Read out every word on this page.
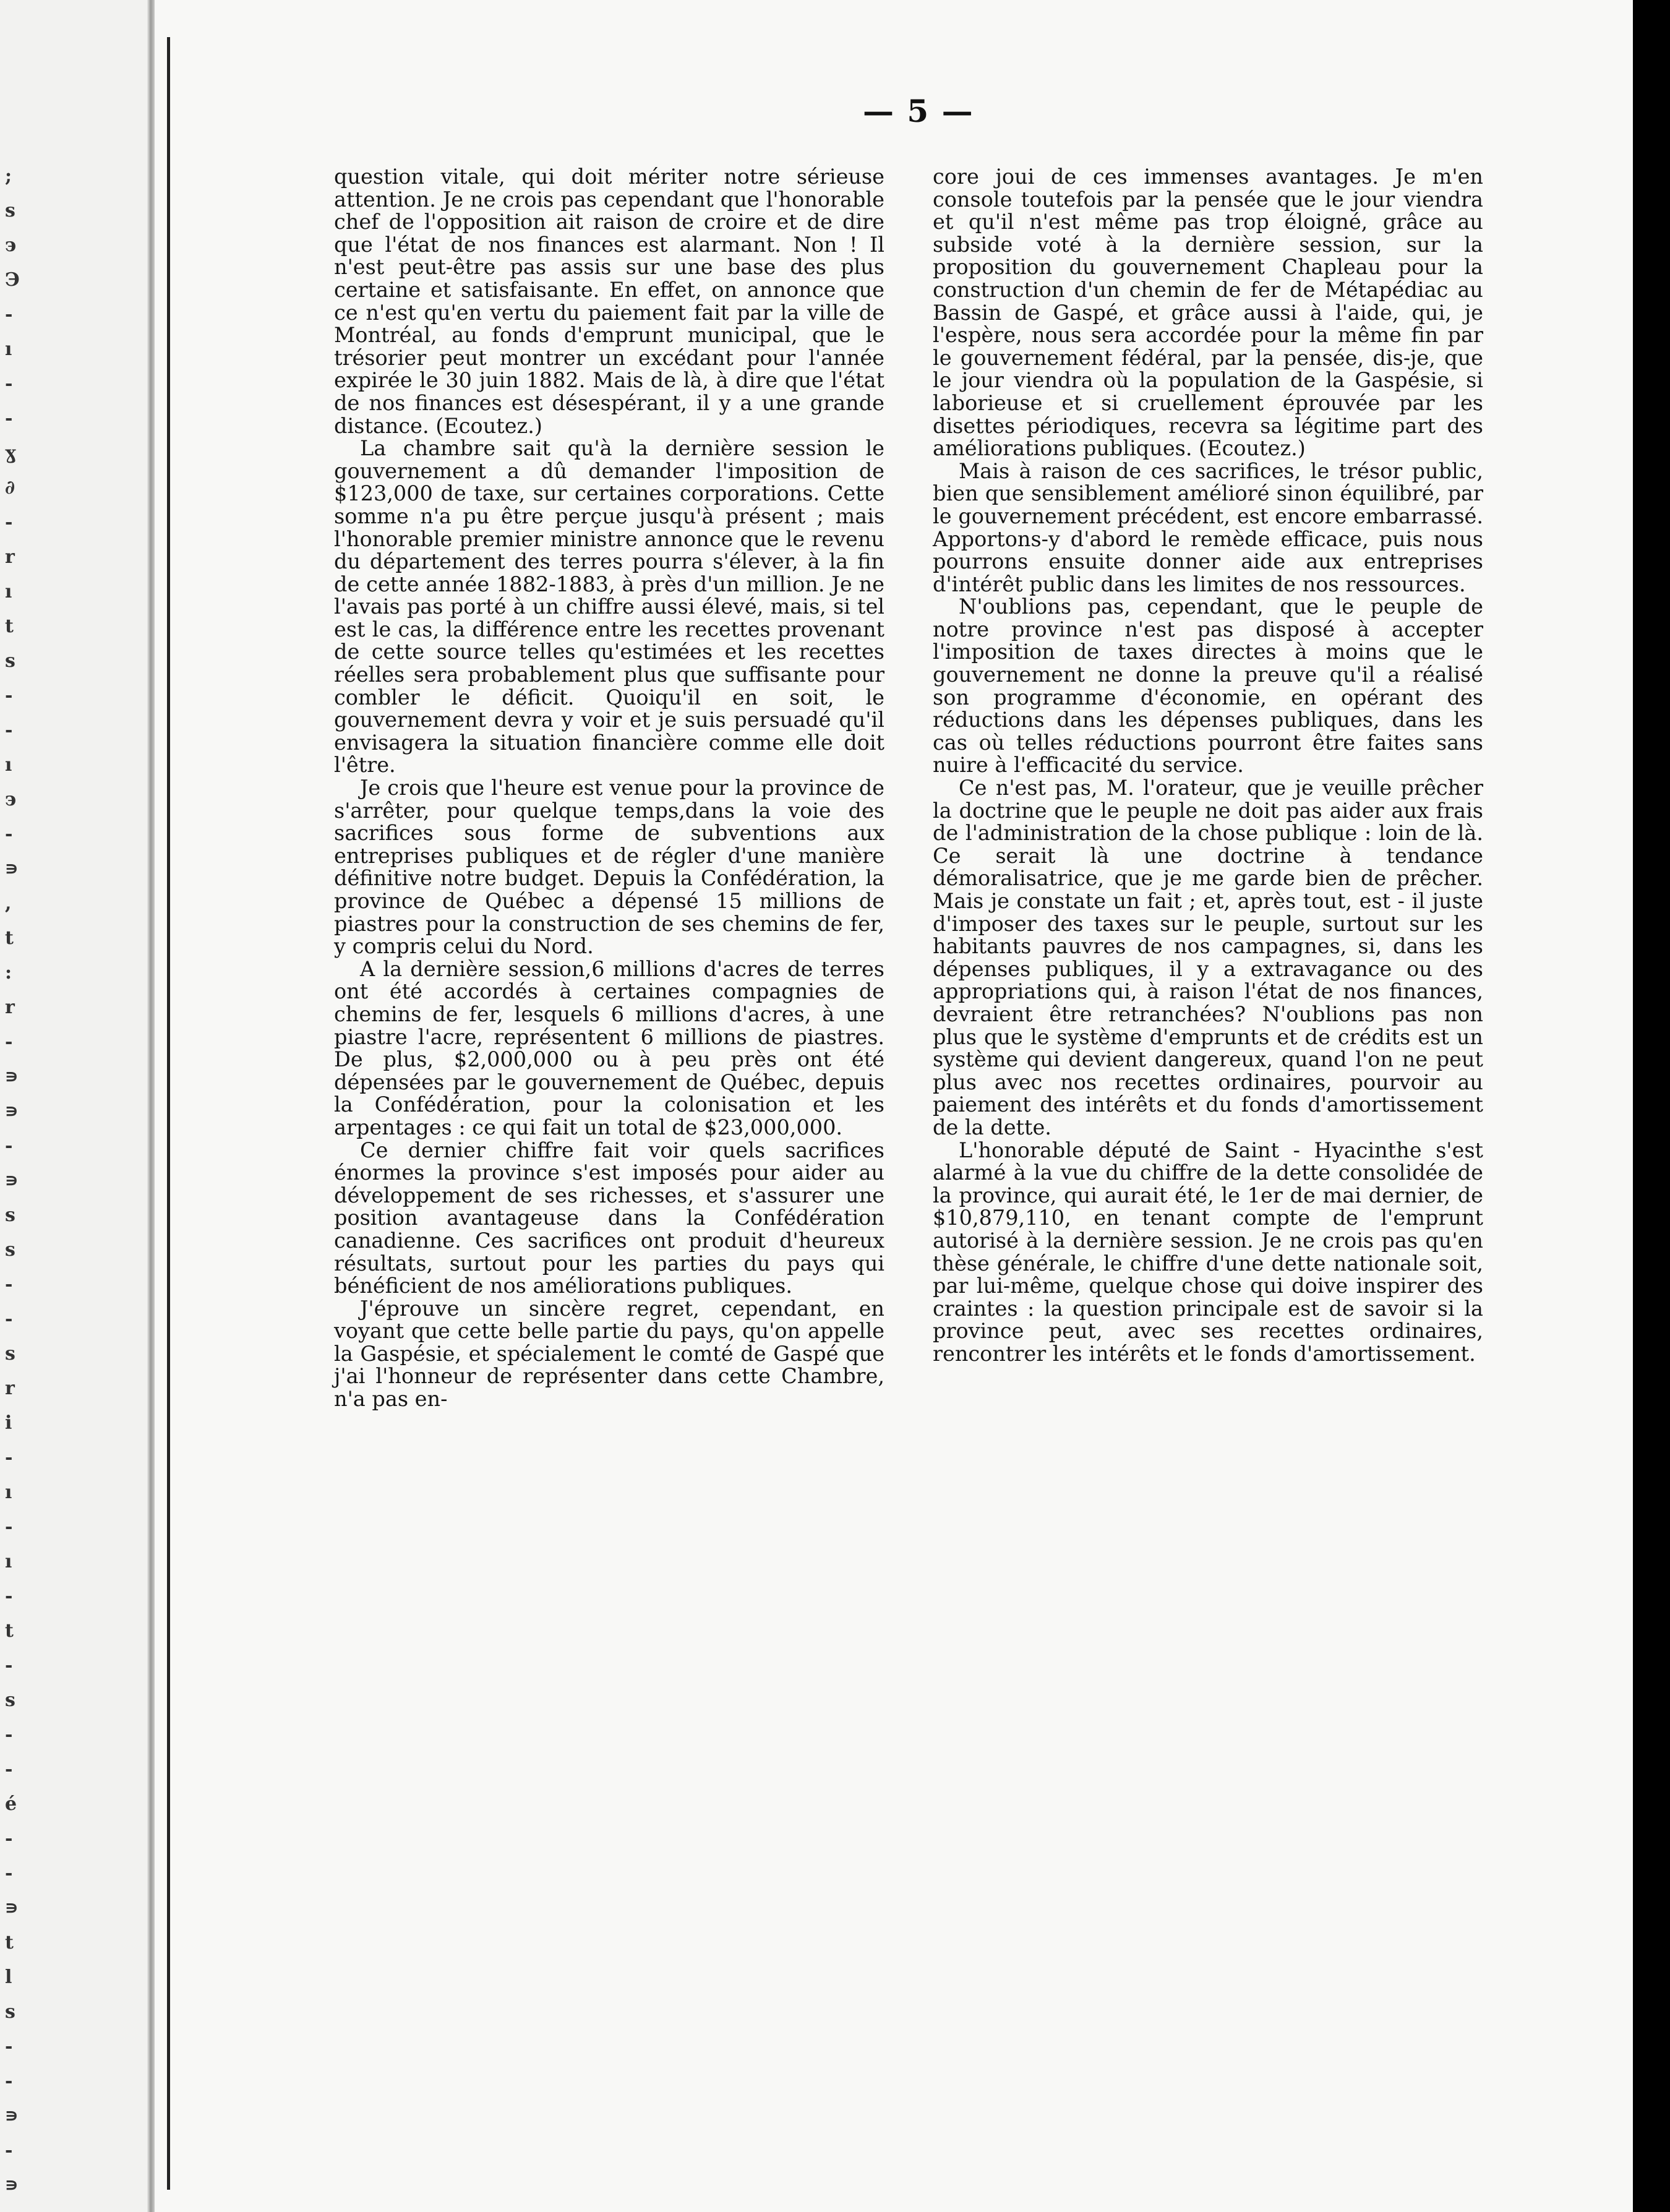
;
s
э
Э
-
ı
-
-
ɣ
∂
-
r
ı
t
s
-
-
ı
э
-
∍
,
t
:
r
-
∍
∍
-
∍
s
s
-
-
s
r
i
-
ı
-
ı
-
t
-
s
-
-
é
-
-
∍
t
l
s
-
-
∍
-
∍
— 5 —

question vitale, qui doit mériter notre sérieuse attention. Je ne crois pas cependant que l'honorable chef de l'opposition ait raison de croire et de dire que l'état de nos finances est alarmant. Non ! Il n'est peut-être pas assis sur une base des plus certaine et satisfaisante. En effet, on annonce que ce n'est qu'en vertu du paiement fait par la ville de Montréal, au fonds d'emprunt municipal, que le trésorier peut montrer un excédant pour l'année expirée le 30 juin 1882. Mais de là, à dire que l'état de nos finances est désespérant, il y a une grande distance. (Ecoutez.)

La chambre sait qu'à la dernière session le gouvernement a dû demander l'imposition de $123,000 de taxe, sur certaines corporations. Cette somme n'a pu être perçue jusqu'à présent ; mais l'honorable premier ministre annonce que le revenu du département des terres pourra s'élever, à la fin de cette année 1882-1883, à près d'un million. Je ne l'avais pas porté à un chiffre aussi élevé, mais, si tel est le cas, la différence entre les recettes provenant de cette source telles qu'estimées et les recettes réelles sera probablement plus que suffisante pour combler le déficit. Quoiqu'il en soit, le gouvernement devra y voir et je suis persuadé qu'il envisagera la situation financière comme elle doit l'être.

Je crois que l'heure est venue pour la province de s'arrêter, pour quelque temps,dans la voie des sacrifices sous forme de subventions aux entreprises publiques et de régler d'une manière définitive notre budget. Depuis la Confédération, la province de Québec a dépensé 15 millions de piastres pour la construction de ses chemins de fer, y compris celui du Nord.

A la dernière session,6 millions d'acres de terres ont été accordés à certaines compagnies de chemins de fer, lesquels 6 millions d'acres, à une piastre l'acre, représentent 6 millions de piastres. De plus, $2,000,000 ou à peu près ont été dépensées par le gouvernement de Québec, depuis la Confédération, pour la colonisation et les arpentages : ce qui fait un total de $23,000,000.

Ce dernier chiffre fait voir quels sacrifices énormes la province s'est imposés pour aider au développement de ses richesses, et s'assurer une position avantageuse dans la Confédération canadienne. Ces sacrifices ont produit d'heureux résultats, surtout pour les parties du pays qui bénéficient de nos améliorations publiques.

J'éprouve un sincère regret, cependant, en voyant que cette belle partie du pays, qu'on appelle la Gaspésie, et spécialement le comté de Gaspé que j'ai l'honneur de représenter dans cette Chambre, n'a pas en-

core joui de ces immenses avantages. Je m'en console toutefois par la pensée que le jour viendra et qu'il n'est même pas trop éloigné, grâce au subside voté à la dernière session, sur la proposition du gouvernement Chapleau pour la construction d'un chemin de fer de Métapédiac au Bassin de Gaspé, et grâce aussi à l'aide, qui, je l'espère, nous sera accordée pour la même fin par le gouvernement fédéral, par la pensée, dis-je, que le jour viendra où la population de la Gaspésie, si laborieuse et si cruellement éprouvée par les disettes périodiques, recevra sa légitime part des améliorations publiques. (Ecoutez.)

Mais à raison de ces sacrifices, le trésor public, bien que sensiblement amélioré sinon équilibré, par le gouvernement précédent, est encore embarrassé. Apportons-y d'abord le remède efficace, puis nous pourrons ensuite donner aide aux entreprises d'intérêt public dans les limites de nos ressources.

N'oublions pas, cependant, que le peuple de notre province n'est pas disposé à accepter l'imposition de taxes directes à moins que le gouvernement ne donne la preuve qu'il a réalisé son programme d'économie, en opérant des réductions dans les dépenses publiques, dans les cas où telles réductions pourront être faites sans nuire à l'efficacité du service.

Ce n'est pas, M. l'orateur, que je veuille prêcher la doctrine que le peuple ne doit pas aider aux frais de l'administration de la chose publique : loin de là. Ce serait là une doctrine à tendance démoralisatrice, que je me garde bien de prêcher. Mais je constate un fait ; et, après tout, est - il juste d'imposer des taxes sur le peuple, surtout sur les habitants pauvres de nos campagnes, si, dans les dépenses publiques, il y a extravagance ou des appropriations qui, à raison l'état de nos finances, devraient être retranchées? N'oublions pas non plus que le système d'emprunts et de crédits est un système qui devient dangereux, quand l'on ne peut plus avec nos recettes ordinaires, pourvoir au paiement des intérêts et du fonds d'amortissement de la dette.

L'honorable député de Saint - Hyacinthe s'est alarmé à la vue du chiffre de la dette consolidée de la province, qui aurait été, le 1er de mai dernier, de $10,879,110, en tenant compte de l'emprunt autorisé à la dernière session. Je ne crois pas qu'en thèse générale, le chiffre d'une dette nationale soit, par lui-même, quelque chose qui doive inspirer des craintes : la question principale est de savoir si la province peut, avec ses recettes ordinaires, rencontrer les intérêts et le fonds d'amortissement.
